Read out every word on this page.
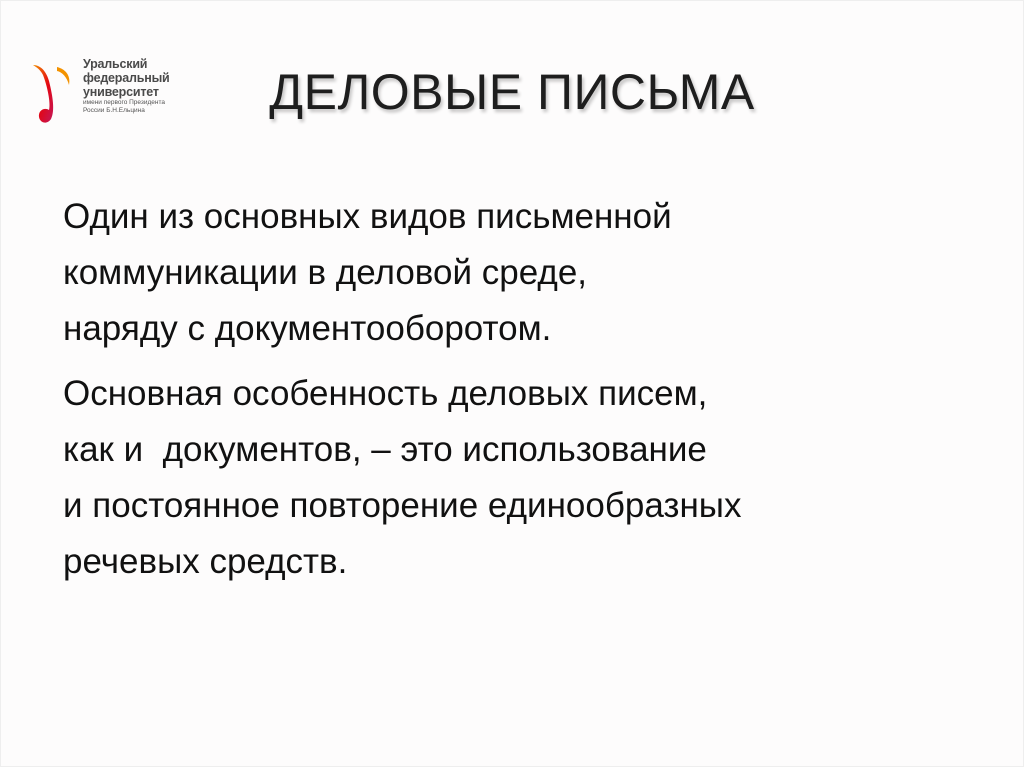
Уральский
федеральный
университет
имени первого Президента
России Б.Н.Ельцина	ДЕЛОВЫЕ ПИСЬМА
Один из основных видов письменной
коммуникации в деловой среде,
наряду с документооборотом.
Основная особенность деловых писем,
как и  документов, – это использование
и постоянное повторение единообразных
речевых средств.
